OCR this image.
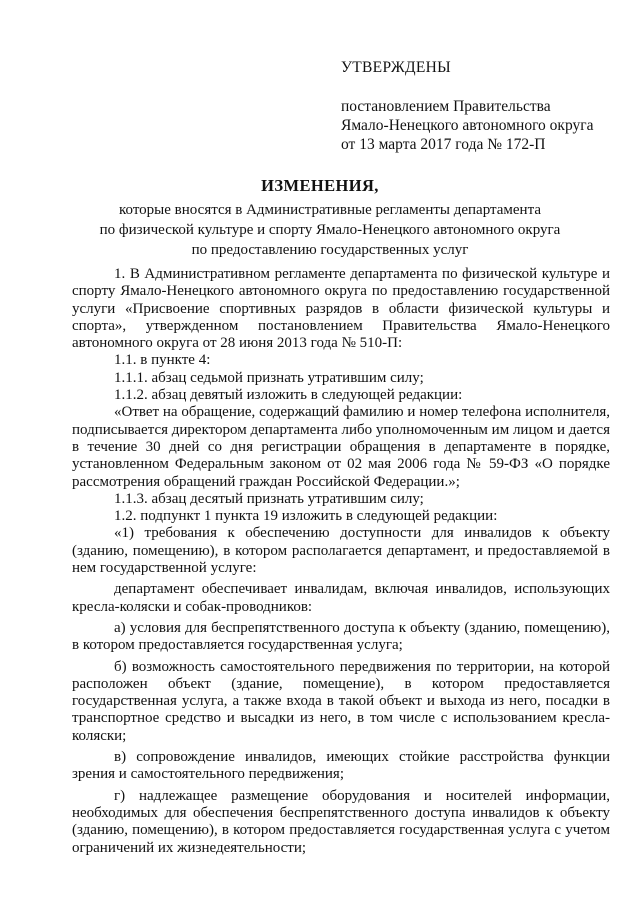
УТВЕРЖДЕНЫ
постановлением Правительства
Ямало-Ненецкого автономного округа
от 13 марта 2017 года № 172-П
ИЗМЕНЕНИЯ,
которые вносятся в Административные регламенты департамента
по физической культуре и спорту Ямало-Ненецкого автономного округа
по предоставлению государственных услуг

1. В Административном регламенте департамента по физической культуре и спорту Ямало-Ненецкого автономного округа по предоставлению государственной услуги «Присвоение спортивных разрядов в области физической культуры и спорта», утвержденном постановлением Правительства Ямало-Ненецкого автономного округа от 28 июня 2013 года № 510-П:

1.1. в пункте 4:

1.1.1. абзац седьмой признать утратившим силу;

1.1.2. абзац девятый изложить в следующей редакции:

«Ответ на обращение, содержащий фамилию и номер телефона исполнителя, подписывается директором департамента либо уполномоченным им лицом и дается в течение 30 дней со дня регистрации обращения в департаменте в порядке, установленном Федеральным законом от 02 мая 2006 года № 59-ФЗ «О порядке рассмотрения обращений граждан Российской Федерации.»;

1.1.3. абзац десятый признать утратившим силу;

1.2. подпункт 1 пункта 19 изложить в следующей редакции:

«1) требования к обеспечению доступности для инвалидов к объекту (зданию, помещению), в котором располагается департамент, и предоставляемой в нем государственной услуге:

департамент обеспечивает инвалидам, включая инвалидов, использующих кресла-коляски и собак-проводников:

а) условия для беспрепятственного доступа к объекту (зданию, помещению), в котором предоставляется государственная услуга;

б) возможность самостоятельного передвижения по территории, на которой расположен объект (здание, помещение), в котором предоставляется государственная услуга, а также входа в такой объект и выхода из него, посадки в транспортное средство и высадки из него, в том числе с использованием кресла-коляски;

в) сопровождение инвалидов, имеющих стойкие расстройства функции зрения и самостоятельного передвижения;

г) надлежащее размещение оборудования и носителей информации, необходимых для обеспечения беспрепятственного доступа инвалидов к объекту (зданию, помещению), в котором предоставляется государственная услуга с учетом ограничений их жизнедеятельности;
